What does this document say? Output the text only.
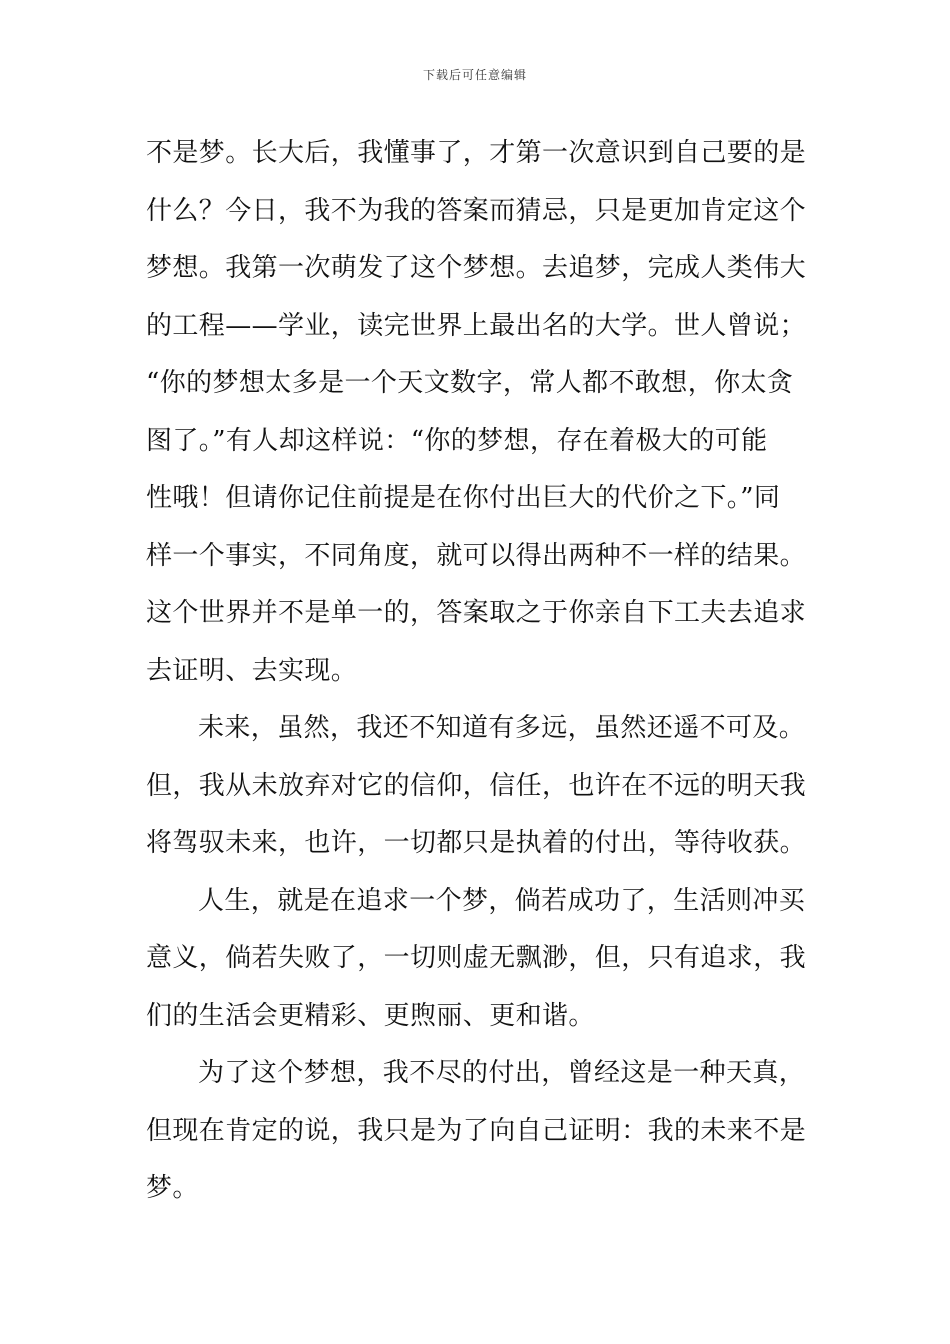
下载后可任意编辑
不是梦。长大后，我懂事了，才第一次意识到自己要的是
什么？今日，我不为我的答案而猜忌，只是更加肯定这个
梦想。我第一次萌发了这个梦想。去追梦，完成人类伟大
的工程——学业，读完世界上最出名的大学。世人曾说；
“你的梦想太多是一个天文数字，常人都不敢想，你太贪
图了。”有人却这样说：“你的梦想，存在着极大的可能
性哦！但请你记住前提是在你付出巨大的代价之下。”同
样一个事实，不同角度，就可以得出两种不一样的结果。
这个世界并不是单一的，答案取之于你亲自下工夫去追求
去证明、去实现。
未来，虽然，我还不知道有多远，虽然还遥不可及。
但，我从未放弃对它的信仰，信任，也许在不远的明天我
将驾驭未来，也许，一切都只是执着的付出，等待收获。
人生，就是在追求一个梦，倘若成功了，生活则冲买
意义，倘若失败了，一切则虚无飘渺，但，只有追求，我
们的生活会更精彩、更煦丽、更和谐。
为了这个梦想，我不尽的付出，曾经这是一种天真，
但现在肯定的说，我只是为了向自己证明：我的未来不是
梦。
